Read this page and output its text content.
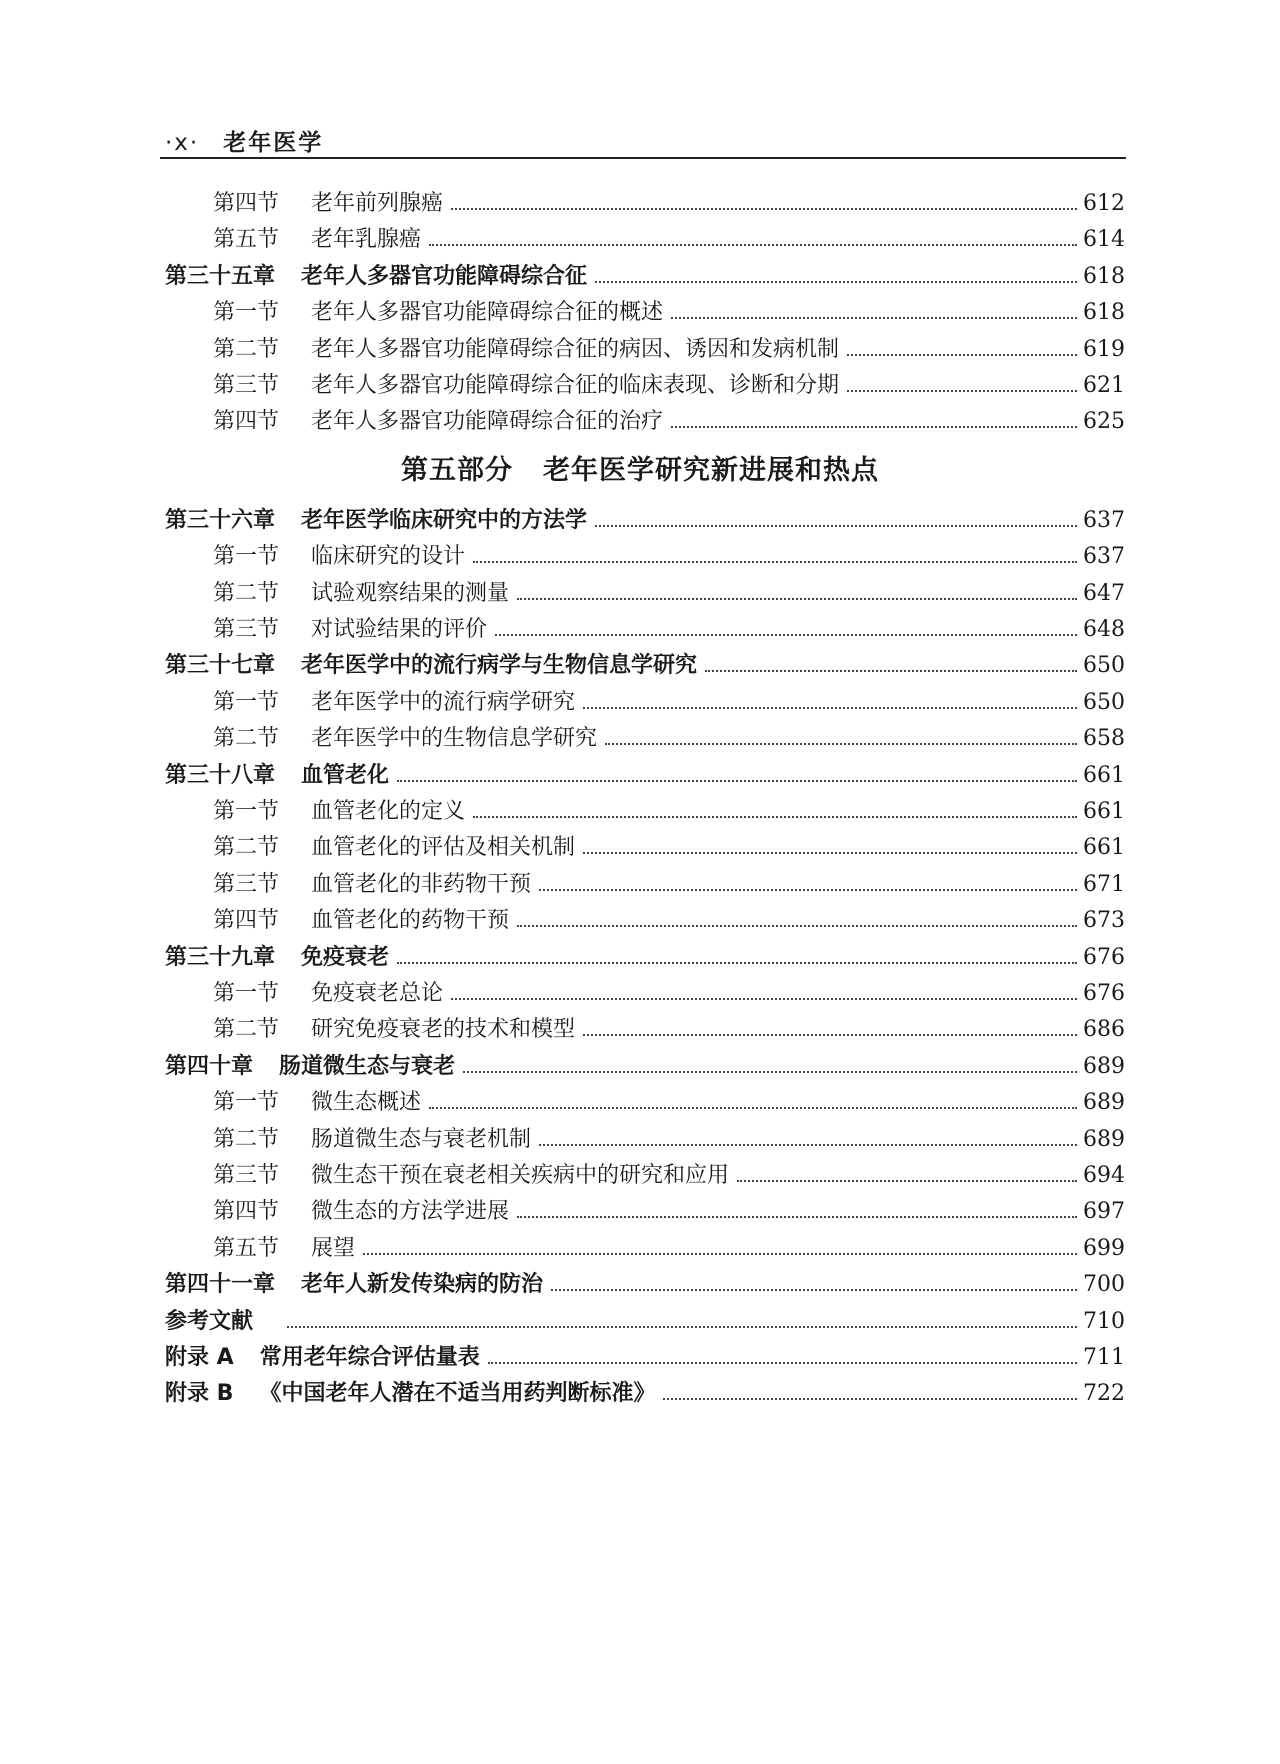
·x· 老年医学
第四节	老年前列腺癌	612
第五节	老年乳腺癌	614
第三十五章 老年人多器官功能障碍综合征	618
第一节	老年人多器官功能障碍综合征的概述	618
第二节	老年人多器官功能障碍综合征的病因、诱因和发病机制	619
第三节	老年人多器官功能障碍综合征的临床表现、诊断和分期	621
第四节	老年人多器官功能障碍综合征的治疗	625
第五部分 老年医学研究新进展和热点
第三十六章 老年医学临床研究中的方法学	637
第一节	临床研究的设计	637
第二节	试验观察结果的测量	647
第三节	对试验结果的评价	648
第三十七章 老年医学中的流行病学与生物信息学研究	650
第一节	老年医学中的流行病学研究	650
第二节	老年医学中的生物信息学研究	658
第三十八章 血管老化	661
第一节	血管老化的定义	661
第二节	血管老化的评估及相关机制	661
第三节	血管老化的非药物干预	671
第四节	血管老化的药物干预	673
第三十九章 免疫衰老	676
第一节	免疫衰老总论	676
第二节	研究免疫衰老的技术和模型	686
第四十章 肠道微生态与衰老	689
第一节	微生态概述	689
第二节	肠道微生态与衰老机制	689
第三节	微生态干预在衰老相关疾病中的研究和应用	694
第四节	微生态的方法学进展	697
第五节	展望	699
第四十一章 老年人新发传染病的防治	700
参考文献	710
附录 A 常用老年综合评估量表	711
附录 B 《中国老年人潜在不适当用药判断标准》	722
